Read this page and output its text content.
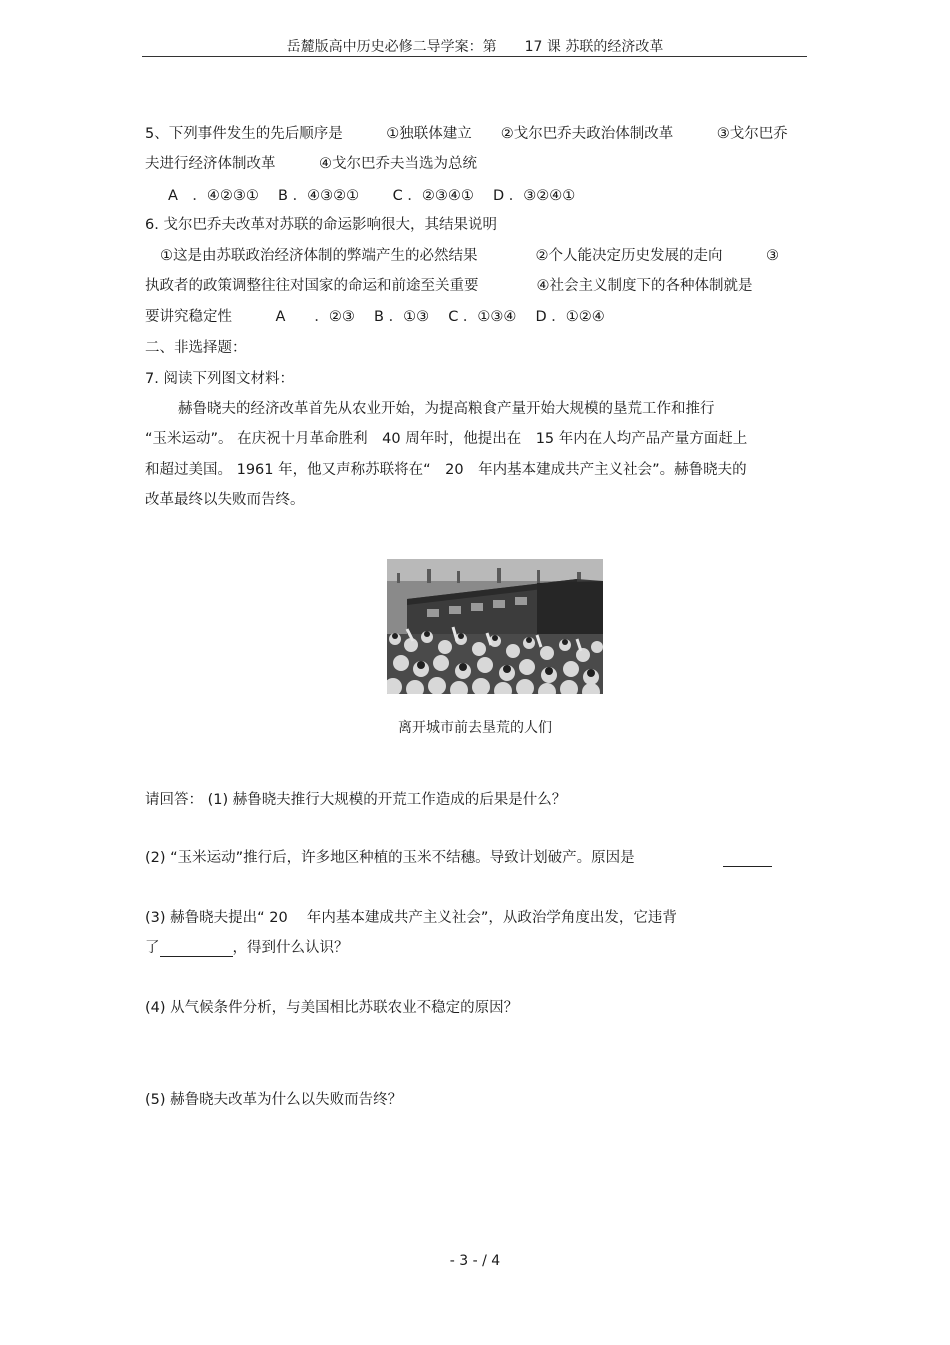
岳麓版高中历史必修二导学案：第　　17 课 苏联的经济改革
5、下列事件发生的先后顺序是　　　①独联体建立　　②戈尔巴乔夫政治体制改革　　　③戈尔巴乔
夫进行经济体制改革　　　④戈尔巴乔夫当选为总统
A　．④②③①　 B ．④③②①　　 C ．②③④①　 D ．③②④①
6. 戈尔巴乔夫改革对苏联的命运影响很大，其结果说明
①这是由苏联政治经济体制的弊端产生的必然结果　　　　②个人能决定历史发展的走向　　　③
执政者的政策调整往往对国家的命运和前途至关重要　　　　④社会主义制度下的各种体制就是
要讲究稳定性　　　A　　．②③　 B ．①③　 C ．①③④　 D ．①②④
二、非选择题：
7. 阅读下列图文材料：
赫鲁晓夫的经济改革首先从农业开始，为提高粮食产量开始大规模的垦荒工作和推行
“玉米运动”。 在庆祝十月革命胜利　40 周年时，他提出在　15 年内在人均产品产量方面赶上
和超过美国。 1961 年，他又声称苏联将在“　20　年内基本建成共产主义社会”。赫鲁晓夫的
改革最终以失败而告终。
离开城市前去垦荒的人们
请回答： (1) 赫鲁晓夫推行大规模的开荒工作造成的后果是什么？
(2) “玉米运动”推行后，许多地区种植的玉米不结穗。导致计划破产。原因是
(3) 赫鲁晓夫提出“ 20　 年内基本建成共产主义社会”，从政治学角度出发，它违背
了	，得到什么认识？
(4) 从气候条件分析，与美国相比苏联农业不稳定的原因？
(5) 赫鲁晓夫改革为什么以失败而告终？
- 3 - / 4
